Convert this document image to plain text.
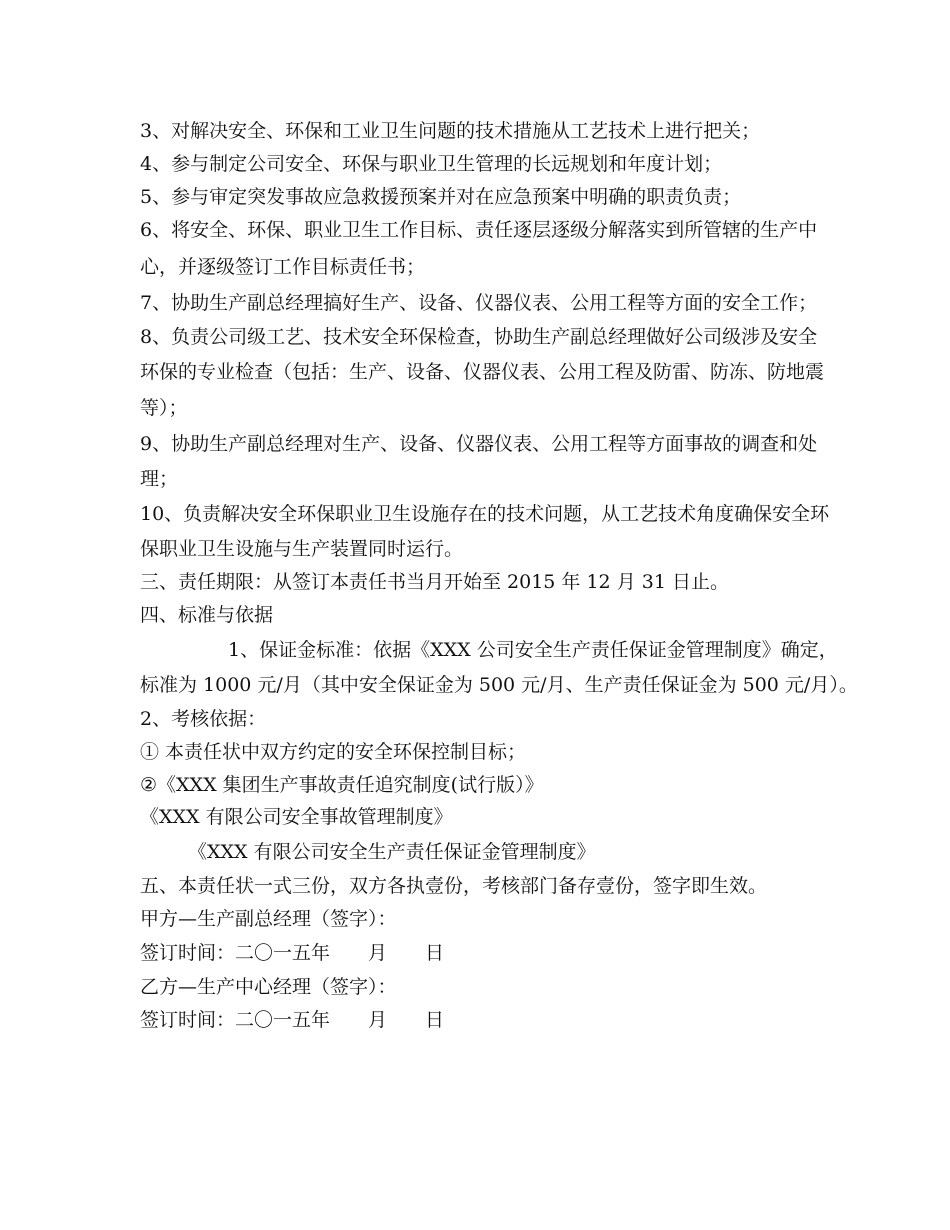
3、对解决安全、环保和工业卫生问题的技术措施从工艺技术上进行把关；
4、参与制定公司安全、环保与职业卫生管理的长远规划和年度计划；
5、参与审定突发事故应急救援预案并对在应急预案中明确的职责负责；
6、将安全、环保、职业卫生工作目标、责任逐层逐级分解落实到所管辖的生产中
心，并逐级签订工作目标责任书；
7、协助生产副总经理搞好生产、设备、仪器仪表、公用工程等方面的安全工作；
8、负责公司级工艺、技术安全环保检查，协助生产副总经理做好公司级涉及安全
环保的专业检查（包括：生产、设备、仪器仪表、公用工程及防雷、防冻、防地震
等）；
9、协助生产副总经理对生产、设备、仪器仪表、公用工程等方面事故的调查和处
理；
10、负责解决安全环保职业卫生设施存在的技术问题，从工艺技术角度确保安全环
保职业卫生设施与生产装置同时运行。
三、责任期限：从签订本责任书当月开始至 2015 年 12 月 31 日止。
四、标准与依据
1、保证金标准：依据《XXX 公司安全生产责任保证金管理制度》确定，
标准为 1000 元/月（其中安全保证金为 500 元/月、生产责任保证金为 500 元/月）。
2、考核依据：
① 本责任状中双方约定的安全环保控制目标；
②《XXX 集团生产事故责任追究制度(试行版）》
《XXX 有限公司安全事故管理制度》
《XXX 有限公司安全生产责任保证金管理制度》
五、本责任状一式三份，双方各执壹份，考核部门备存壹份，签字即生效。
甲方—生产副总经理（签字）：
签订时间：二〇一五年　　月　　日
乙方—生产中心经理（签字）：
签订时间：二〇一五年　　月　　日
